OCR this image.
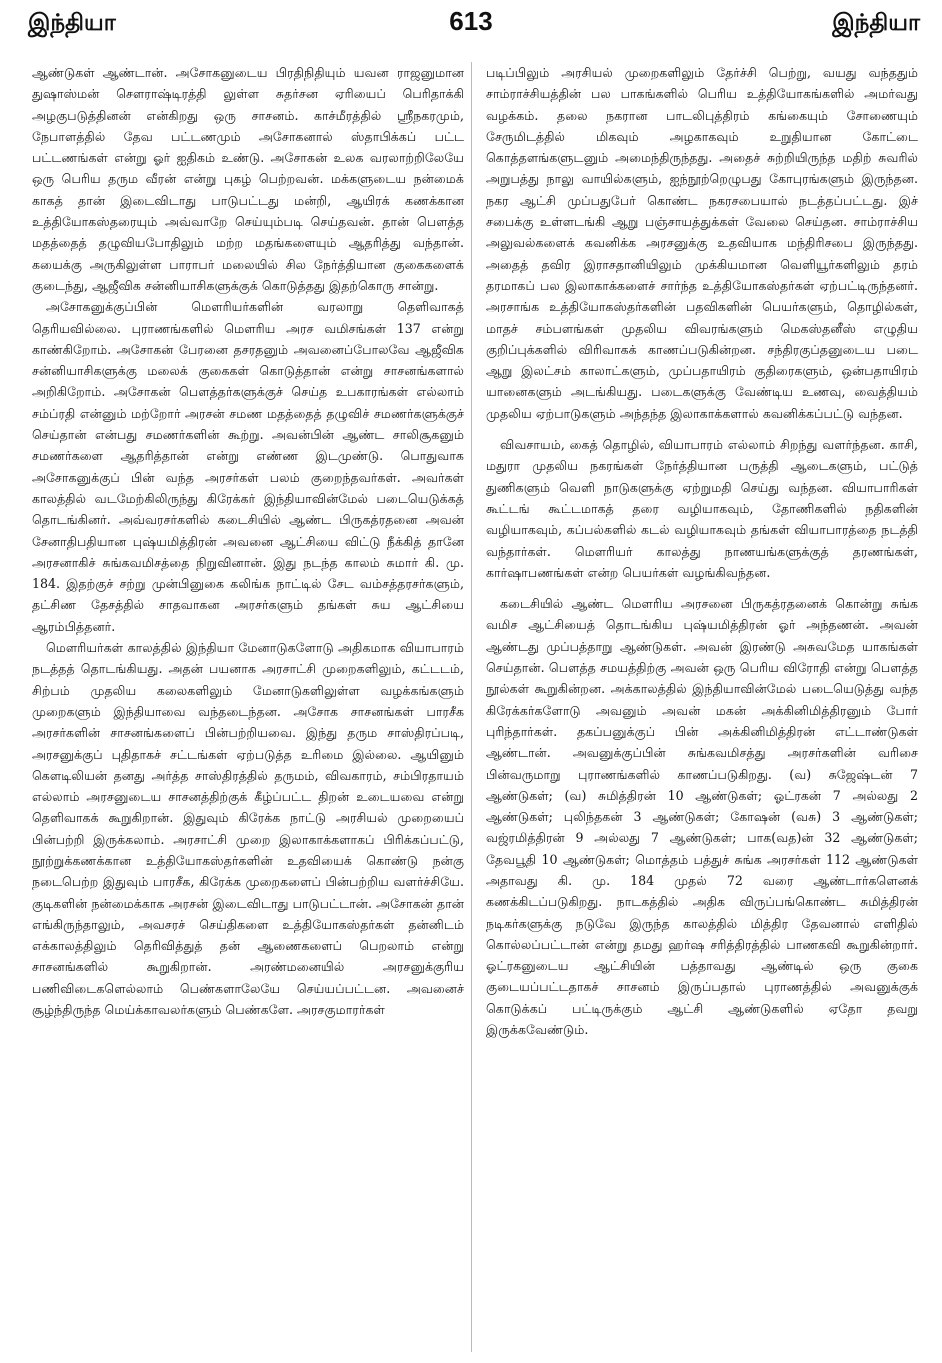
இந்தியா	613	இந்தியா

ஆண்டுகள் ஆண்டான். அசோகனுடைய பிரதிநிதியும் யவன ராஜனுமான துஷாஸ்மன் சௌராஷ்டிரத்தி லுள்ள சுதர்சன ஏரியைப் பெரிதாக்கி அழகுபடுத்தினன் என்கிறது ஒரு சாசனம். காச்மீரத்தில் ஸ்ரீநகரமும், நேபாளத்தில் தேவ பட்டணமும் அசோகனால் ஸ்தாபிக்கப் பட்ட பட்டணங்கள் என்று ஓர் ஐதிகம் உண்டு. அசோகன் உலக வரலாற்றிலேயே ஒரு பெரிய தரும வீரன் என்று புகழ் பெற்றவன். மக்களுடைய நன்மைக் காகத் தான் இடைவிடாது பாடுபட்டது மன்றி, ஆயிரக் கணக்கான உத்தியோகஸ்தரையும் அவ்வாறே செய்யும்படி செய்தவன். தான் பௌத்த மதத்தைத் தழுவியபோதிலும் மற்ற மதங்களையும் ஆதரித்து வந்தான். கயைக்கு அருகிலுள்ள பாராபர் மலையில் சில நேர்த்தியான குகைகளைக் குடைந்து, ஆஜீவிக சன்னியாசிகளுக்குக் கொடுத்தது இதற்கொரு சான்று.

அசோகனுக்குப்பின் மௌரியர்களின் வரலாறு தெளிவாகத் தெரியவில்லை. புராணங்களில் மௌரிய அரச வமிசங்கள் 137 என்று காண்கிறோம். அசோகன் பேரனை தசரதனும் அவனைப்போலவே ஆஜீவிக சன்னியாசிகளுக்கு மலைக் குகைகள் கொடுத்தான் என்று சாசனங்களால் அறிகிறோம். அசோகன் பௌத்தர்களுக்குச் செய்த உபகாரங்கள் எல்லாம் சம்ப்ரதி என்னும் மற்றோர் அரசன் சமண மதத்தைத் தழுவிச் சமணர்களுக்குச் செய்தான் என்பது சமணர்களின் கூற்று. அவன்பின் ஆண்ட சாலிசூகனும் சமணர்களை ஆதரித்தான் என்று எண்ண இடமுண்டு. பொதுவாக அசோகனுக்குப் பின் வந்த அரசர்கள் பலம் குறைந்தவர்கள். அவர்கள் காலத்தில் வடமேற்கிலிருந்து கிரேக்கர் இந்தியாவின்மேல் படையெடுக்கத் தொடங்கினர். அவ்வரசர்களில் கடைசியில் ஆண்ட பிருகத்ரதனை அவன் சேனாதிபதியான புஷ்யமித்திரன் அவனை ஆட்சியை விட்டு நீக்கித் தானே அரசனாகிச் சுங்கவமிசத்தை நிறுவினான். இது நடந்த காலம் சுமார் கி. மு. 184. இதற்குச் சற்று முன்பினுகை கலிங்க நாட்டில் சேட வம்சத்தரசர்களும், தட்சிண தேசத்தில் சாதவாகன அரசர்களும் தங்கள் சுய ஆட்சியை ஆரம்பித்தனர்.

மௌரியர்கள் காலத்தில் இந்தியா மேனாடுகளோடு அதிகமாக வியாபாரம் நடத்தத் தொடங்கியது. அதன் பயனாக அரசாட்சி முறைகளிலும், கட்டடம், சிற்பம் முதலிய கலைகளிலும் மேனாடுகளிலுள்ள வழக்கங்களும் முறைகளும் இந்தியாவை வந்தடைந்தன. அசோக சாசனங்கள் பாரசீக அரசர்களின் சாசனங்களைப் பின்பற்றியவை. இந்து தரும சாஸ்திரப்படி, அரசனுக்குப் புதிதாகச் சட்டங்கள் ஏற்படுத்த உரிமை இல்லை. ஆயினும் கௌடிலியன் தனது அர்த்த சாஸ்திரத்தில் தருமம், விவகாரம், சம்பிரதாயம் எல்லாம் அரசனுடைய சாசனத்திற்குக் கீழ்ப்பட்ட திறன் உடையவை என்று தெளிவாகக் கூறுகிறான். இதுவும் கிரேக்க நாட்டு அரசியல் முறையைப் பின்பற்றி இருக்கலாம். அரசாட்சி முறை இலாகாக்களாகப் பிரிக்கப்பட்டு, நூற்றுக்கணக்கான உத்தியோகஸ்தர்களின் உதவியைக் கொண்டு நன்கு நடைபெற்ற இதுவும் பாரசீக, கிரேக்க முறைகளைப் பின்பற்றிய வளர்ச்சியே. குடிகளின் நன்மைக்காக அரசன் இடைவிடாது பாடுபட்டான். அசோகன் தான் எங்கிருந்தாலும், அவசரச் செய்திகளை உத்தியோகஸ்தர்கள் தன்னிடம் எக்காலத்திலும் தெரிவித்துத் தன் ஆணைகளைப் பெறலாம் என்று சாசனங்களில் கூறுகிறான். அரண்மனையில் அரசனுக்குரிய பணிவிடைகளெல்லாம் பெண்களாலேயே செய்யப்பட்டன. அவனைச் சூழ்ந்திருந்த மெய்க்காவலர்களும் பெண்களே. அரசகுமாரர்கள்

படிப்பிலும் அரசியல் முறைகளிலும் தேர்ச்சி பெற்று, வயது வந்ததும் சாம்ராச்சியத்தின் பல பாகங்களில் பெரிய உத்தியோகங்களில் அமர்வது வழக்கம். தலை நகரான பாடலிபுத்திரம் கங்கையும் சோணையும் சேருமிடத்தில் மிகவும் அழகாகவும் உறுதியான கோட்டை கொத்தளங்களுடனும் அமைந்திருந்தது. அதைச் சுற்றியிருந்த மதிற் சுவரில் அறுபத்து நாலு வாயில்களும், ஐந்நூற்றெழுபது கோபுரங்களும் இருந்தன. நகர ஆட்சி முப்பதுபேர் கொண்ட நகரசபையால் நடத்தப்பட்டது. இச் சபைக்கு உள்ளடங்கி ஆறு பஞ்சாயத்துக்கள் வேலை செய்தன. சாம்ராச்சிய அலுவல்களைக் கவனிக்க அரசனுக்கு உதவியாக மந்திரிசபை இருந்தது. அதைத் தவிர இராசதானியிலும் முக்கியமான வெளியூர்களிலும் தரம் தரமாகப் பல இலாகாக்களைச் சார்ந்த உத்தியோகஸ்தர்கள் ஏற்பட்டிருந்தனர். அரசாங்க உத்தியோகஸ்தர்களின் பதவிகளின் பெயர்களும், தொழில்கள், மாதச் சம்பளங்கள் முதலிய விவரங்களும் மெகஸ்தனீஸ் எழுதிய குறிப்புக்களில் விரிவாகக் காணப்படுகின்றன. சந்திரகுப்தனுடைய படை ஆறு இலட்சம் காலாட்களும், முப்பதாயிரம் குதிரைகளும், ஒன்பதாயிரம் யானைகளும் அடங்கியது. படைகளுக்கு வேண்டிய உணவு, வைத்தியம் முதலிய ஏற்பாடுகளும் அந்தந்த இலாகாக்களால் கவனிக்கப்பட்டு வந்தன.

விவசாயம், கைத் தொழில், வியாபாரம் எல்லாம் சிறந்து வளர்ந்தன. காசி, மதுரா முதலிய நகரங்கள் நேர்த்தியான பருத்தி ஆடைகளும், பட்டுத் துணிகளும் வெளி நாடுகளுக்கு ஏற்றுமதி செய்து வந்தன. வியாபாரிகள் கூட்டங் கூட்டமாகத் தரை வழியாகவும், தோணிகளில் நதிகளின் வழியாகவும், கப்பல்களில் கடல் வழியாகவும் தங்கள் வியாபாரத்தை நடத்தி வந்தார்கள். மௌரியர் காலத்து நாணயங்களுக்குத் தரணங்கள், கார்ஷாபணங்கள் என்ற பெயர்கள் வழங்கிவந்தன.

கடைசியில் ஆண்ட மௌரிய அரசனை பிருகத்ரதனைக் கொன்று சுங்க வமிச ஆட்சியைத் தொடங்கிய புஷ்யமித்திரன் ஓர் அந்தணன். அவன் ஆண்டது முப்பத்தாறு ஆண்டுகள். அவன் இரண்டு அசுவமேத யாகங்கள் செய்தான். பௌத்த சமயத்திற்கு அவன் ஒரு பெரிய விரோதி என்று பௌத்த நூல்கள் கூறுகின்றன. அக்காலத்தில் இந்தியாவின்மேல் படையெடுத்து வந்த கிரேக்கர்களோடு அவனும் அவன் மகன் அக்கினிமித்திரனும் போர் புரிந்தார்கள். தகப்பனுக்குப் பின் அக்கினிமித்திரன் எட்டாண்டுகள் ஆண்டான். அவனுக்குப்பின் சுங்கவமிசத்து அரசர்களின் வரிசை பின்வருமாறு புராணங்களில் காணப்படுகிறது. (வ) சுஜேஷ்டன் 7 ஆண்டுகள்; (வ) சுமித்திரன் 10 ஆண்டுகள்; ஓட்ரகன் 7 அல்லது 2 ஆண்டுகள்; புலிந்தகன் 3 ஆண்டுகள்; கோஷன் (வசு) 3 ஆண்டுகள்; வஜ்ரமித்திரன் 9 அல்லது 7 ஆண்டுகள்; பாக(வத)ன் 32 ஆண்டுகள்; தேவபூதி 10 ஆண்டுகள்; மொத்தம் பத்துச் சுங்க அரசர்கள் 112 ஆண்டுகள் அதாவது கி. மு. 184 முதல் 72 வரை ஆண்டார்களெனக் கணக்கிடப்படுகிறது. நாடகத்தில் அதிக விருப்பங்கொண்ட சுமித்திரன் நடிகர்களுக்கு நடுவே இருந்த காலத்தில் மித்திர தேவனால் எளிதில் கொல்லப்பட்டான் என்று தமது ஹர்ஷ சரித்திரத்தில் பாணகவி கூறுகின்றார். ஓட்ரகனுடைய ஆட்சியின் பத்தாவது ஆண்டில் ஒரு குகை குடையப்பட்டதாகச் சாசனம் இருப்பதால் புராணத்தில் அவனுக்குக் கொடுக்கப் பட்டிருக்கும் ஆட்சி ஆண்டுகளில் ஏதோ தவறு இருக்கவேண்டும்.
